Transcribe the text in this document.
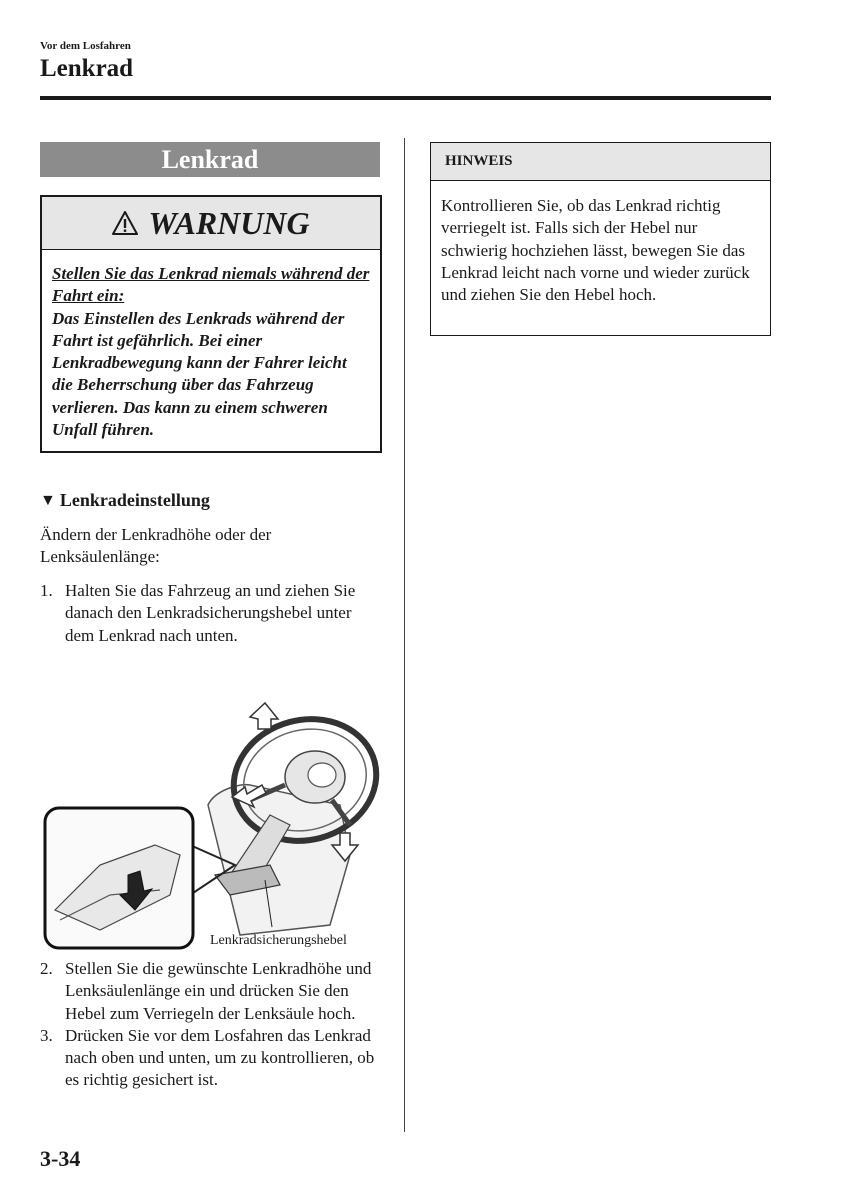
Vor dem Losfahren
Lenkrad
Lenkrad
WARNUNG
Stellen Sie das Lenkrad niemals während der Fahrt ein:
Das Einstellen des Lenkrads während der Fahrt ist gefährlich. Bei einer Lenkradbewegung kann der Fahrer leicht die Beherrschung über das Fahrzeug verlieren. Das kann zu einem schweren Unfall führen.
▼ Lenkradeinstellung
Ändern der Lenkradhöhe oder der Lenksäulenlänge:
1. Halten Sie das Fahrzeug an und ziehen Sie danach den Lenkradsicherungshebel unter dem Lenkrad nach unten.
Lenkradsicherungshebel
2. Stellen Sie die gewünschte Lenkradhöhe und Lenksäulenlänge ein und drücken Sie den Hebel zum Verriegeln der Lenksäule hoch.
3. Drücken Sie vor dem Losfahren das Lenkrad nach oben und unten, um zu kontrollieren, ob es richtig gesichert ist.
HINWEIS
Kontrollieren Sie, ob das Lenkrad richtig verriegelt ist. Falls sich der Hebel nur schwierig hochziehen lässt, bewegen Sie das Lenkrad leicht nach vorne und wieder zurück und ziehen Sie den Hebel hoch.
3-34
